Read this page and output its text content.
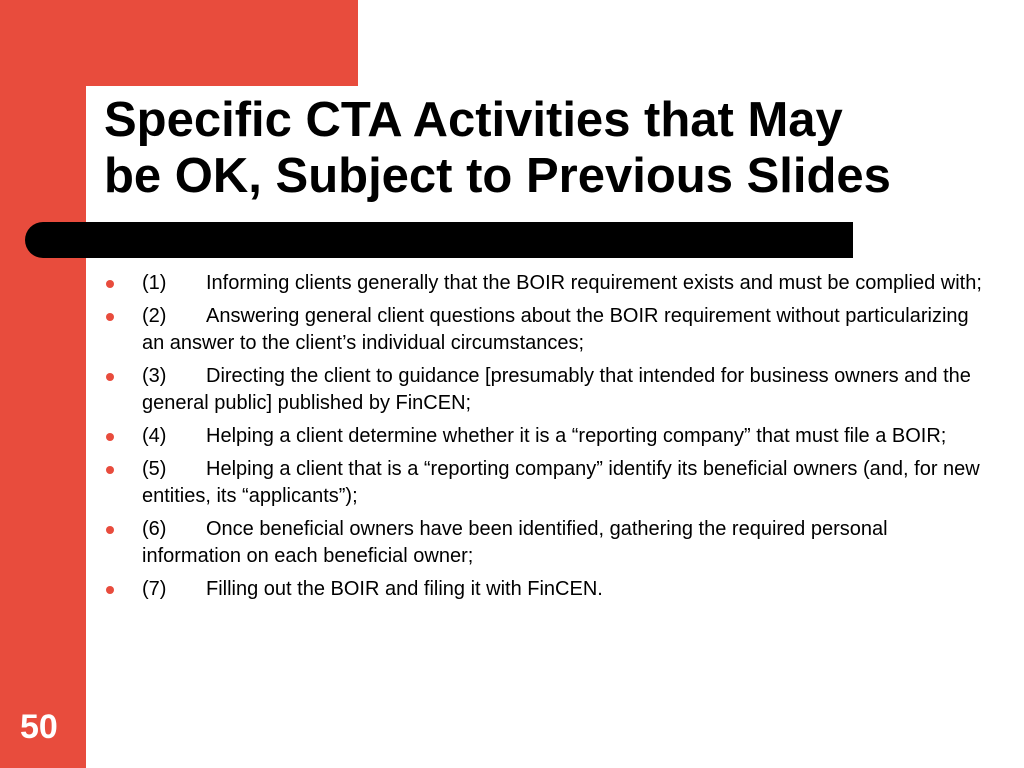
Specific CTA Activities that May
be OK, Subject to Previous Slides
(1) Informing clients generally that the BOIR requirement exists and must be complied with;
(2) Answering general client questions about the BOIR requirement without particularizing an answer to the client’s individual circumstances;
(3) Directing the client to guidance [presumably that intended for business owners and the general public] published by FinCEN;
(4) Helping a client determine whether it is a “reporting company” that must file a BOIR;
(5) Helping a client that is a “reporting company” identify its beneficial owners (and, for new entities, its “applicants”);
(6) Once beneficial owners have been identified, gathering the required personal information on each beneficial owner;
(7) Filling out the BOIR and filing it with FinCEN.
50
